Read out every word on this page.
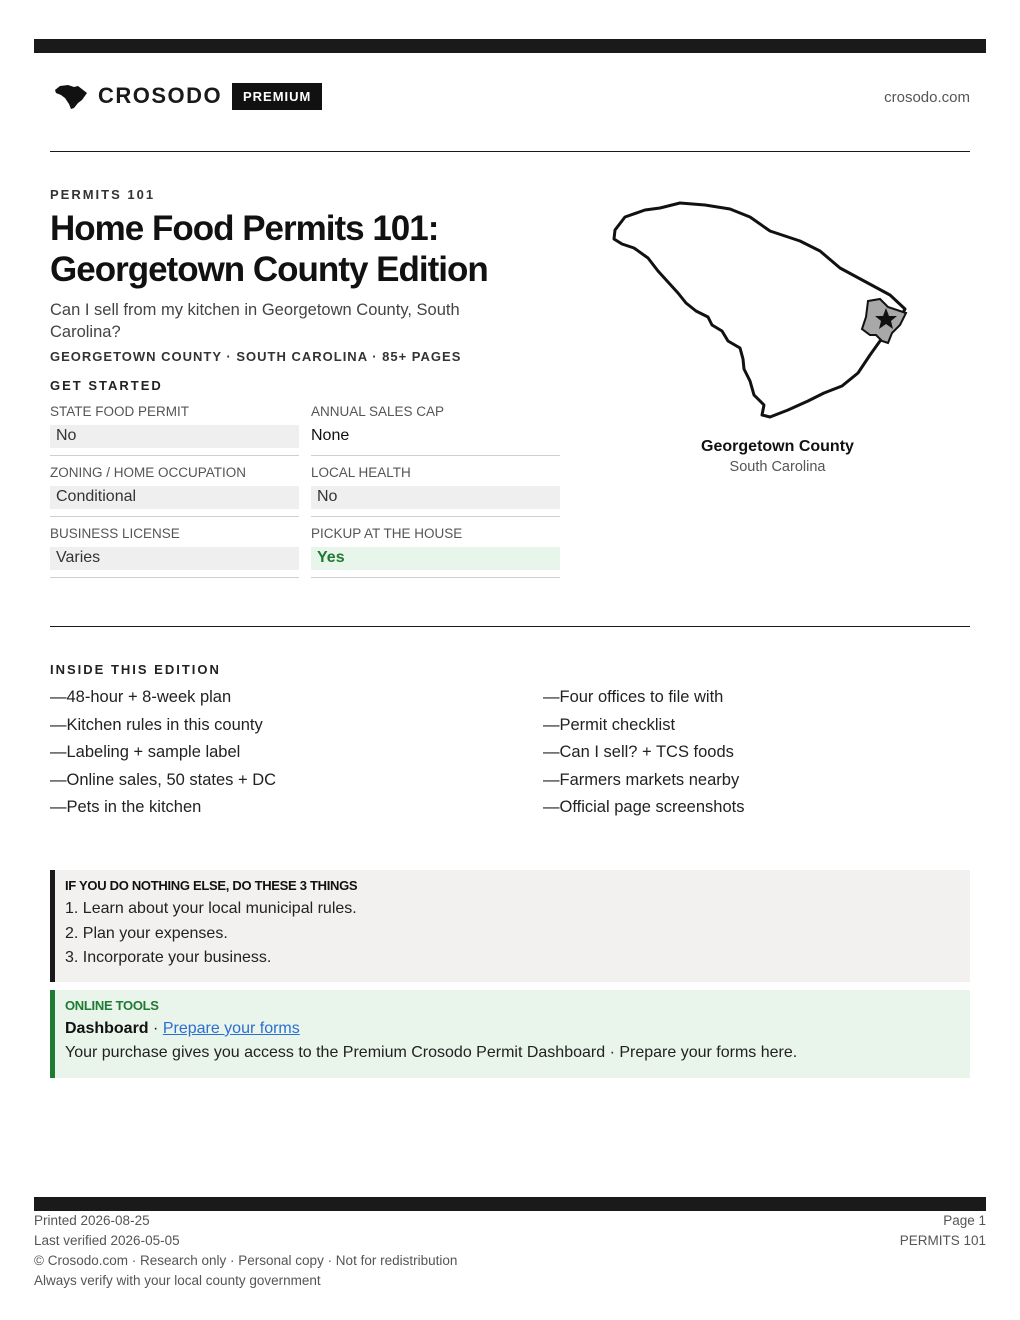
CROSODO	PREMIUM	crosodo.com
PERMITS 101
Home Food Permits 101:
Georgetown County Edition
Can I sell from my kitchen in Georgetown County, South Carolina?
GEORGETOWN COUNTY · SOUTH CAROLINA · 85+ PAGES
GET STARTED
STATE FOOD PERMIT
No
ANNUAL SALES CAP
None
ZONING / HOME OCCUPATION
Conditional
LOCAL HEALTH
No
BUSINESS LICENSE
Varies
PICKUP AT THE HOUSE
Yes
Georgetown County
South Carolina
INSIDE THIS EDITION
—48-hour + 8-week plan
—Kitchen rules in this county
—Labeling + sample label
—Online sales, 50 states + DC
—Pets in the kitchen
—Four offices to file with
—Permit checklist
—Can I sell? + TCS foods
—Farmers markets nearby
—Official page screenshots
IF YOU DO NOTHING ELSE, DO THESE 3 THINGS
1. Learn about your local municipal rules.
2. Plan your expenses.
3. Incorporate your business.
ONLINE TOOLS
Dashboard · Prepare your forms
Your purchase gives you access to the Premium Crosodo Permit Dashboard · Prepare your forms here.
Printed 2026-08-25
Last verified 2026-05-05
© Crosodo.com · Research only · Personal copy · Not for redistribution
Always verify with your local county government
Page 1
PERMITS 101
